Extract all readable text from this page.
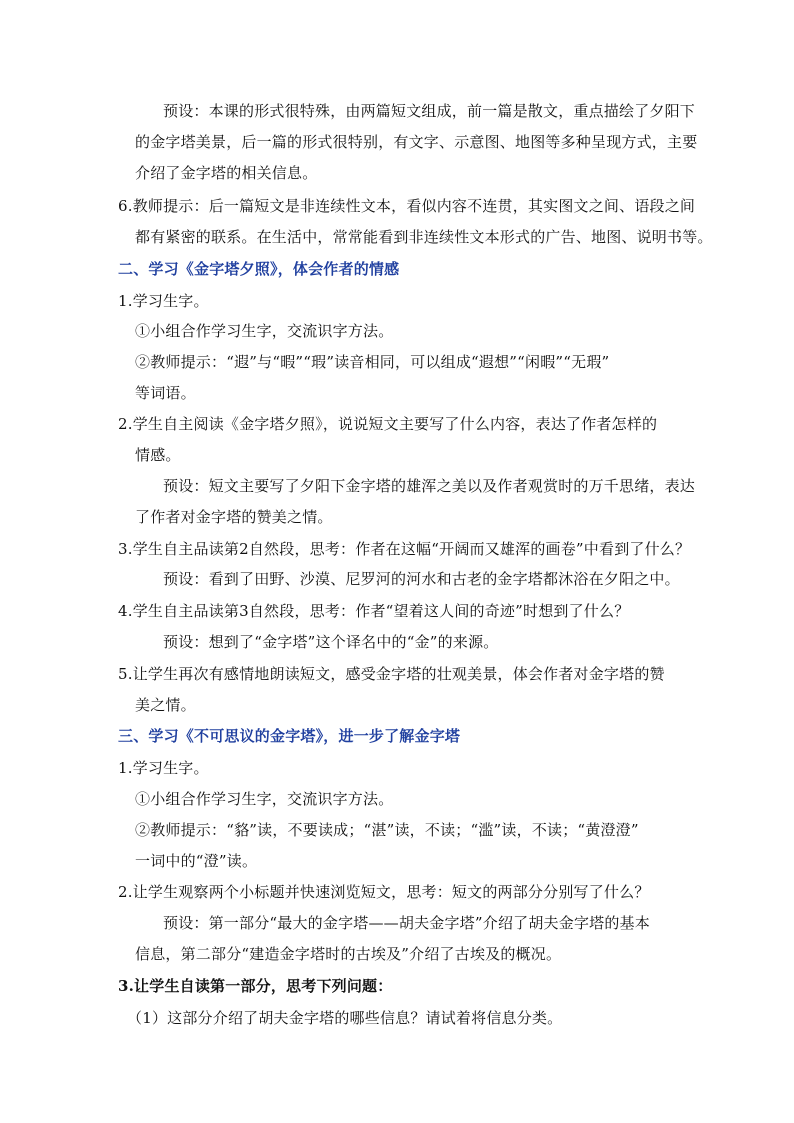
预设：本课的形式很特殊，由两篇短文组成，前一篇是散文，重点描绘了夕阳下
的金字塔美景，后一篇的形式很特别，有文字、示意图、地图等多种呈现方式，主要
介绍了金字塔的相关信息。
6.教师提示：后一篇短文是非连续性文本，看似内容不连贯，其实图文之间、语段之间
都有紧密的联系。在生活中，常常能看到非连续性文本形式的广告、地图、说明书等。
二、学习《金字塔夕照》，体会作者的情感
1.学习生字。
①小组合作学习生字，交流识字方法。
②教师提示：“遐”与“暇”“瑕”读音相同，可以组成“遐想”“闲暇”“无瑕”
等词语。
2.学生自主阅读《金字塔夕照》，说说短文主要写了什么内容，表达了作者怎样的
情感。
预设：短文主要写了夕阳下金字塔的雄浑之美以及作者观赏时的万千思绪，表达
了作者对金字塔的赞美之情。
3.学生自主品读第2自然段，思考：作者在这幅“开阔而又雄浑的画卷”中看到了什么？
预设：看到了田野、沙漠、尼罗河的河水和古老的金字塔都沐浴在夕阳之中。
4.学生自主品读第3自然段，思考：作者“望着这人间的奇迹”时想到了什么？
预设：想到了“金字塔”这个译名中的“金”的来源。
5.让学生再次有感情地朗读短文，感受金字塔的壮观美景，体会作者对金字塔的赞
美之情。
三、学习《不可思议的金字塔》，进一步了解金字塔
1.学习生字。
①小组合作学习生字，交流识字方法。
②教师提示：“貉”读，不要读成；“湛”读，不读；“滥”读，不读；“黄澄澄”
一词中的“澄”读。
2.让学生观察两个小标题并快速浏览短文，思考：短文的两部分分别写了什么？
预设：第一部分“最大的金字塔——胡夫金字塔”介绍了胡夫金字塔的基本
信息，第二部分“建造金字塔时的古埃及”介绍了古埃及的概况。
3.让学生自读第一部分，思考下列问题：
（1）这部分介绍了胡夫金字塔的哪些信息？请试着将信息分类。
